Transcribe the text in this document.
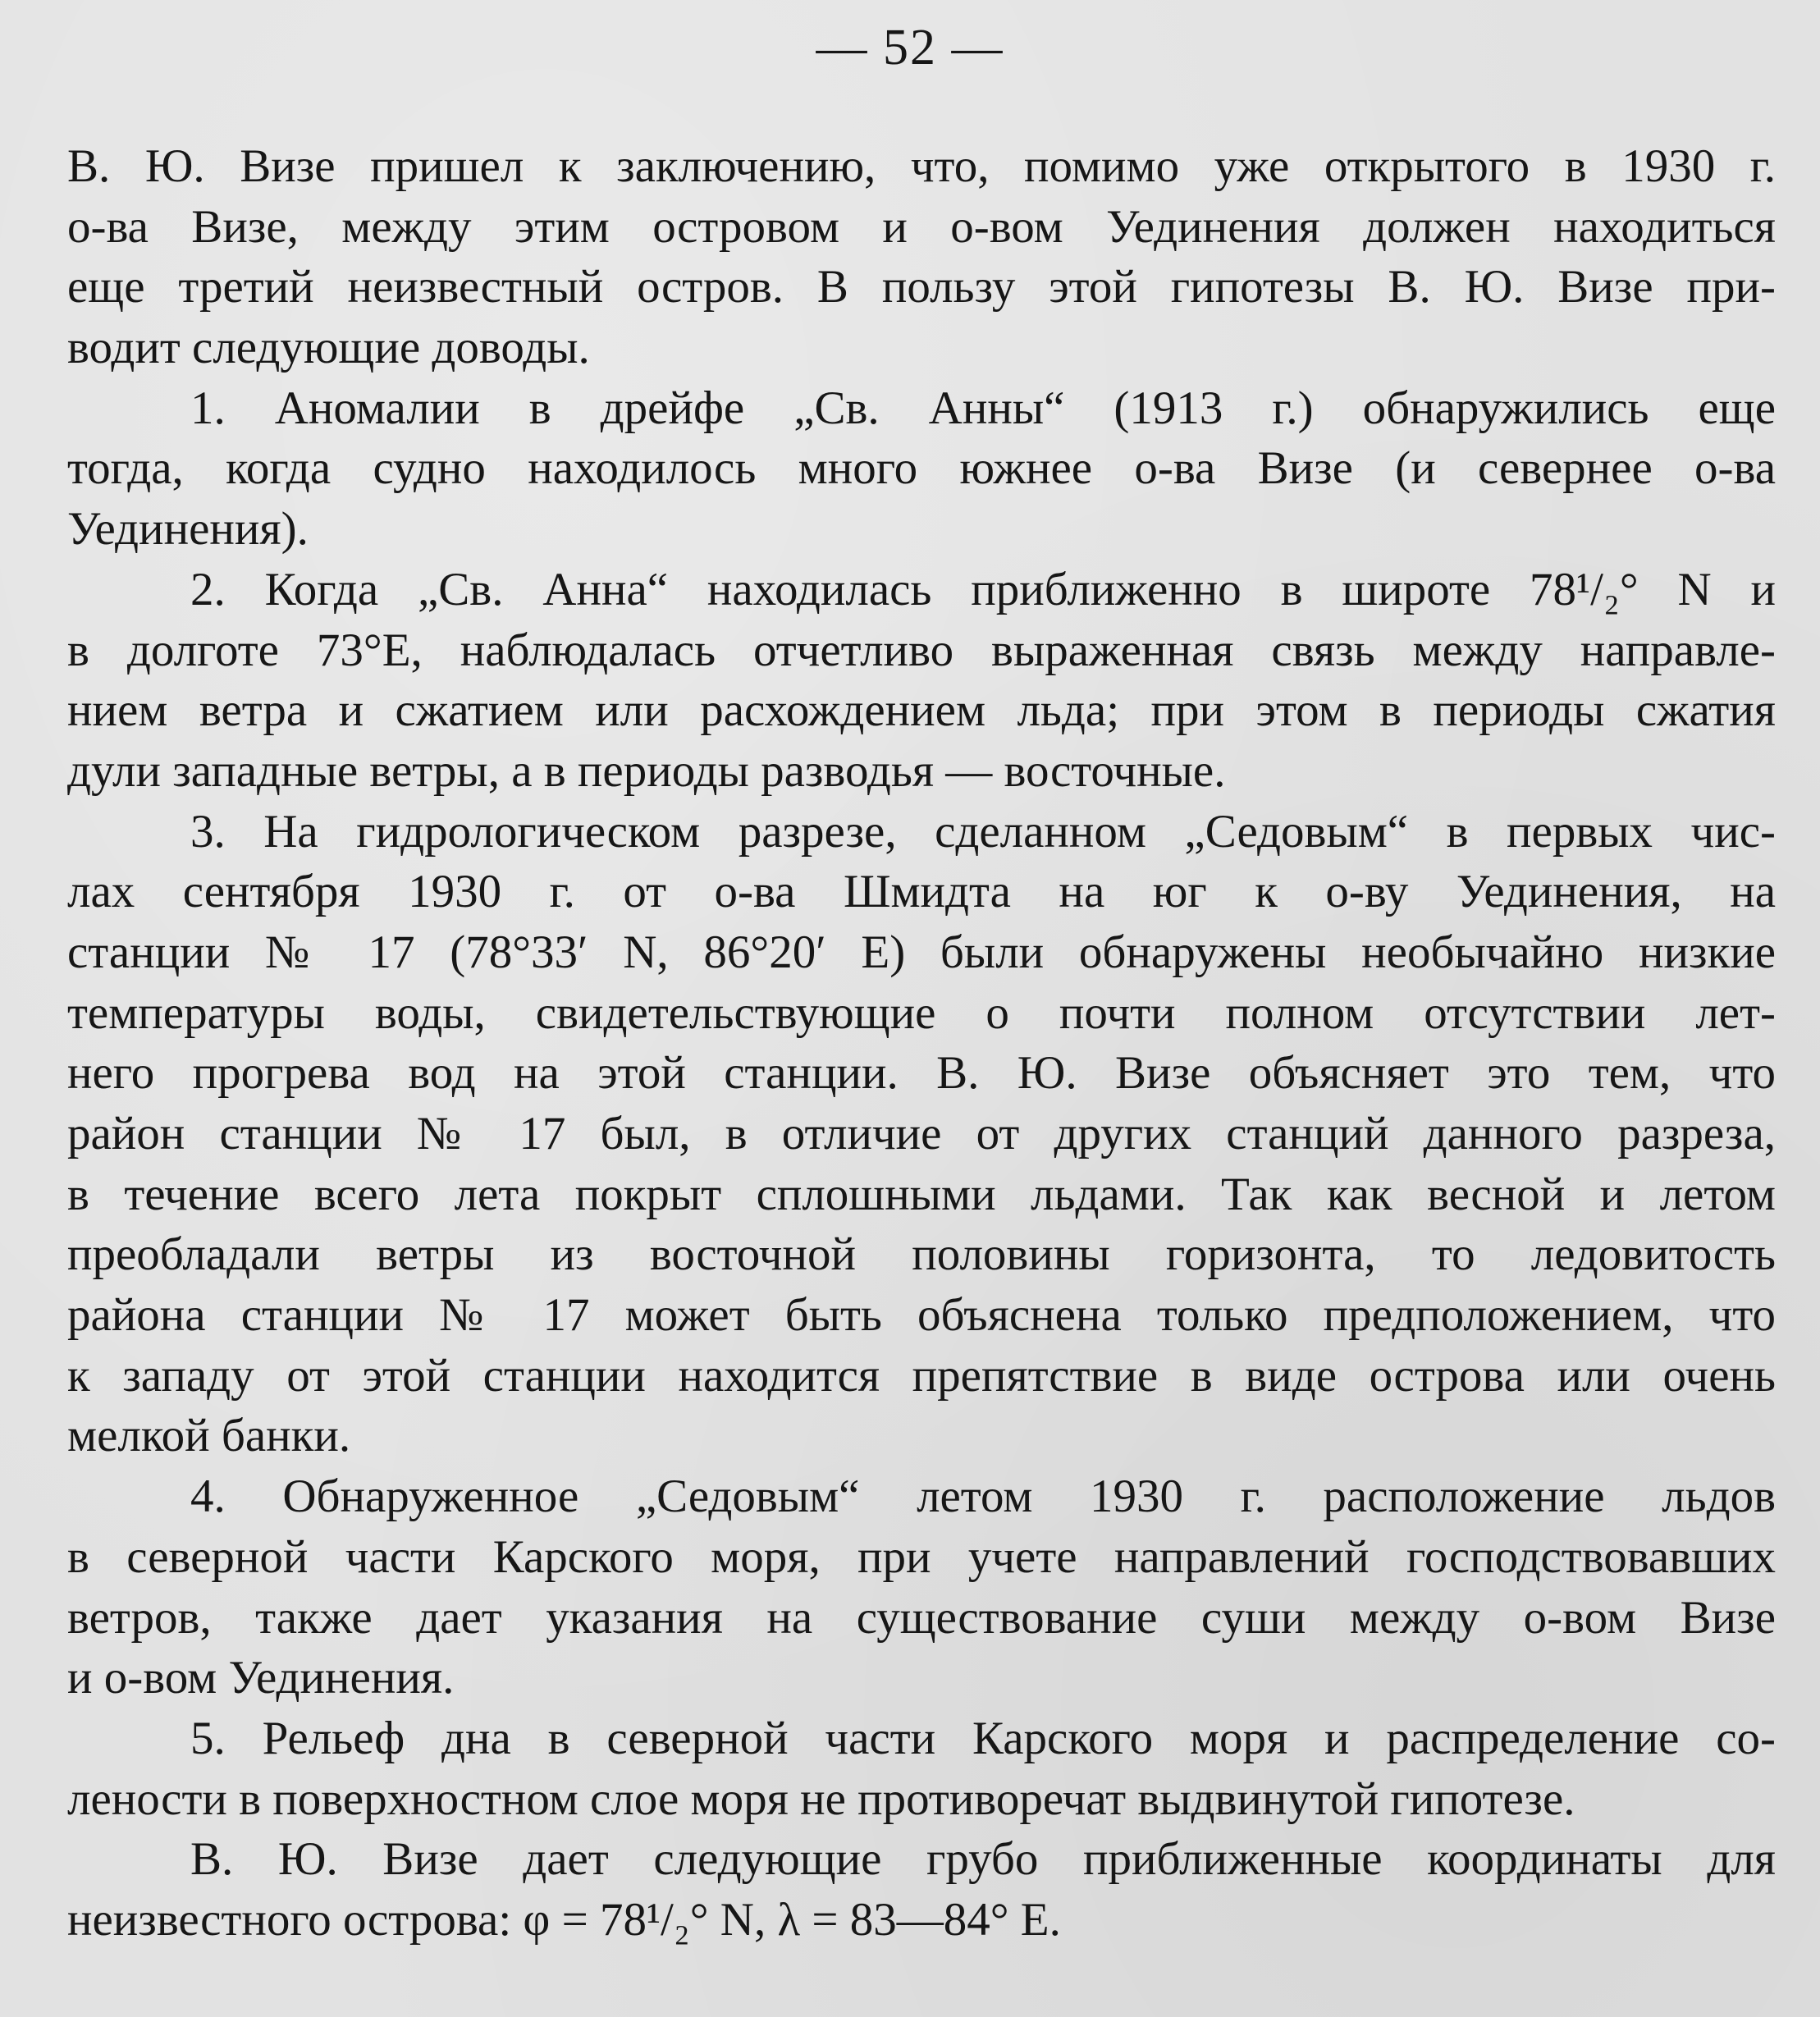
— 52 —

В. Ю. Визе пришел к заключению, что, помимо уже открытого в 1930 г.
о-ва Визе, между этим островом и о-вом Уединения должен находиться
еще третий неизвестный остров. В пользу этой гипотезы В. Ю. Визе при-
водит следующие доводы.

1. Аномалии в дрейфе „Св. Анны“ (1913 г.) обнаружились еще
тогда, когда судно находилось много южнее о-ва Визе (и севернее о-ва
Уединения).

2. Когда „Св. Анна“ находилась приближенно в широте 78¹/₂° N и
в долготе 73°Е, наблюдалась отчетливо выраженная связь между направле-
нием ветра и сжатием или расхождением льда; при этом в периоды сжатия
дули западные ветры, а в периоды разводья — восточные.

3. На гидрологическом разрезе, сделанном „Седовым“ в первых чис-
лах сентября 1930 г. от о-ва Шмидта на юг к о-ву Уединения, на
станции № 17 (78°33′ N, 86°20′ E) были обнаружены необычайно низкие
температуры воды, свидетельствующие о почти полном отсутствии лет-
него прогрева вод на этой станции. В. Ю. Визе объясняет это тем, что
район станции № 17 был, в отличие от других станций данного разреза,
в течение всего лета покрыт сплошными льдами. Так как весной и летом
преобладали ветры из восточной половины горизонта, то ледовитость
района станции № 17 может быть объяснена только предположением, что
к западу от этой станции находится препятствие в виде острова или очень
мелкой банки.

4. Обнаруженное „Седовым“ летом 1930 г. расположение льдов
в северной части Карского моря, при учете направлений господствовавших
ветров, также дает указания на существование суши между о-вом Визе
и о-вом Уединения.

5. Рельеф дна в северной части Карского моря и распределение со-
лености в поверхностном слое моря не противоречат выдвинутой гипотезе.

В. Ю. Визе дает следующие грубо приближенные координаты для
неизвестного острова: φ = 78¹/₂° N, λ = 83—84° E.
